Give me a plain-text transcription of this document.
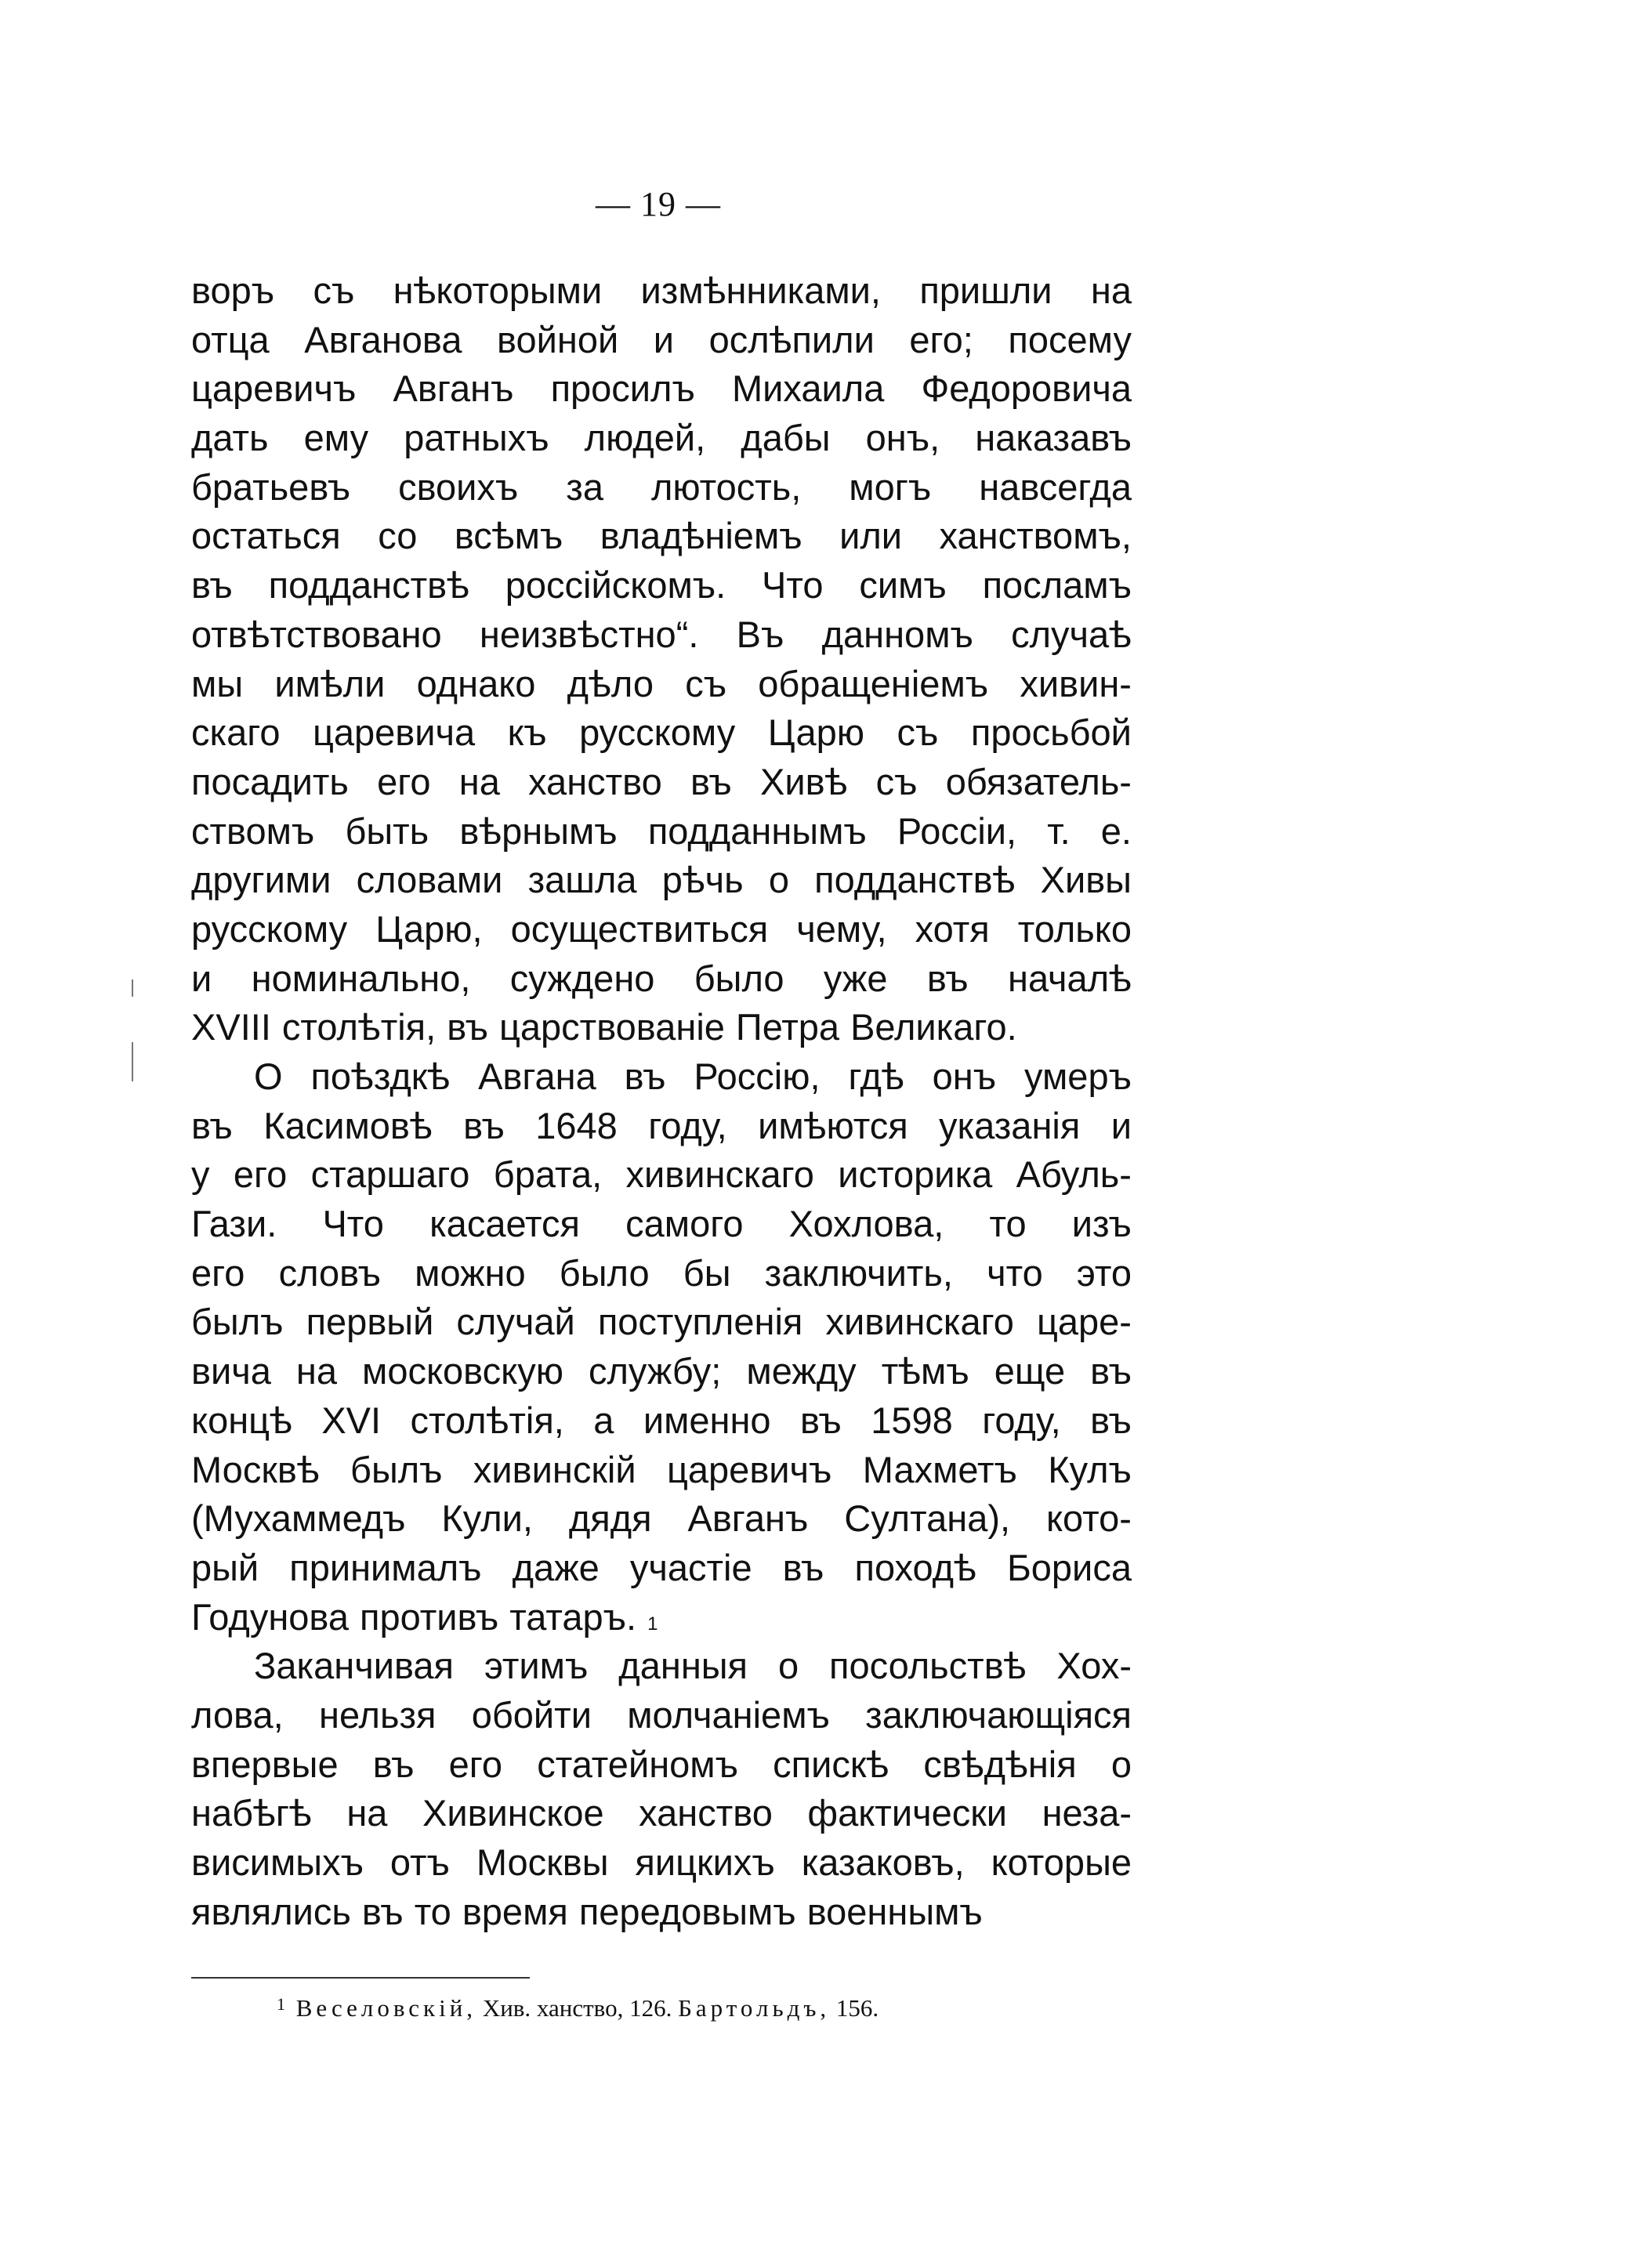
— 19 —
воръ съ нѣкоторыми измѣнниками, пришли на
отца Авганова войной и ослѣпили его; посему
царевичъ Авганъ просилъ Михаила Федоровича
дать ему ратныхъ людей, дабы онъ, наказавъ
братьевъ своихъ за лютость, могъ навсегда
остаться со всѣмъ владѣнiемъ или ханствомъ,
въ подданствѣ россiйскомъ. Что симъ посламъ
отвѣтствовано неизвѣстно“. Въ данномъ случаѣ
мы имѣли однако дѣло съ обращенiемъ хивин-
скаго царевича къ русскому Царю съ просьбой
посадить его на ханство въ Хивѣ съ обязатель-
ствомъ быть вѣрнымъ подданнымъ Россiи, т. е.
другими словами зашла рѣчь о подданствѣ Хивы
русскому Царю, осуществиться чему, хотя только
и номинально, суждено было уже въ началѣ
XVIII столѣтiя, въ царствованiе Петра Великаго.
О поѣздкѣ Авгана въ Россiю, гдѣ онъ умеръ
въ Касимовѣ въ 1648 году, имѣются указанiя и
у его старшаго брата, хивинскаго историка Абуль-
Гази. Что касается самого Хохлова, то изъ
его словъ можно было бы заключить, что это
былъ первый случай поступленiя хивинскаго царе-
вича на московскую службу; между тѣмъ еще въ
концѣ XVI столѣтiя, а именно въ 1598 году, въ
Москвѣ былъ хивинскiй царевичъ Махметъ Кулъ
(Мухаммедъ Кули, дядя Авганъ Султана), кото-
рый принималъ даже участiе въ походѣ Бориса
Годунова противъ татаръ. 1
Заканчивая этимъ данныя о посольствѣ Хох-
лова, нельзя обойти молчанiемъ заключающiяся
впервые въ его статейномъ спискѣ свѣдѣнiя о
набѣгѣ на Хивинское ханство фактически неза-
висимыхъ отъ Москвы яицкихъ казаковъ, которые
являлись въ то время передовымъ военнымъ
$^1$ Веселовскiй, Хив. ханство, 126. Бартольдъ, 156.
